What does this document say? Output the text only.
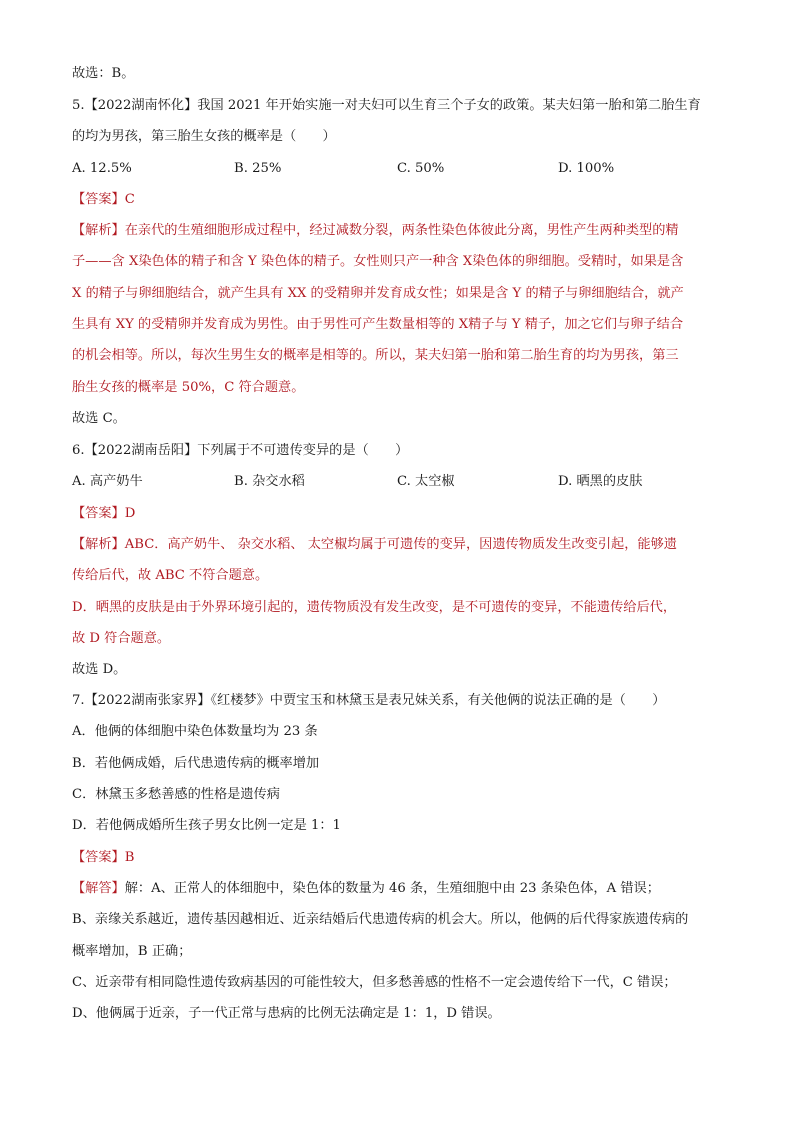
故选：B。
5.【2022湖南怀化】我国 2021 年开始实施一对夫妇可以生育三个子女的政策。某夫妇第一胎和第二胎生育
的均为男孩，第三胎生女孩的概率是（　　）
A. 12.5%	B. 25%	C. 50%	D. 100%
【答案】C
【解析】在亲代的生殖细胞形成过程中，经过减数分裂，两条性染色体彼此分离，男性产生两种类型的精
子——含 X染色体的精子和含 Y 染色体的精子。女性则只产一种含 X染色体的卵细胞。受精时，如果是含
X 的精子与卵细胞结合，就产生具有 XX 的受精卵并发育成女性；如果是含 Y 的精子与卵细胞结合，就产
生具有 XY 的受精卵并发育成为男性。由于男性可产生数量相等的 X精子与 Y 精子，加之它们与卵子结合
的机会相等。所以，每次生男生女的概率是相等的。所以，某夫妇第一胎和第二胎生育的均为男孩，第三
胎生女孩的概率是 50%，C 符合题意。
故选 C。
6.【2022湖南岳阳】下列属于不可遗传变异的是（　　）
A. 高产奶牛	B. 杂交水稻	C. 太空椒	D. 晒黑的皮肤
【答案】D
【解析】ABC．高产奶牛、 杂交水稻、 太空椒均属于可遗传的变异，因遗传物质发生改变引起，能够遗
传给后代，故 ABC 不符合题意。
D．晒黑的皮肤是由于外界环境引起的，遗传物质没有发生改变，是不可遗传的变异，不能遗传给后代，
故 D 符合题意。
故选 D。
7.【2022湖南张家界】《红楼梦》中贾宝玉和林黛玉是表兄妹关系，有关他俩的说法正确的是（　　）
A．他俩的体细胞中染色体数量均为 23 条
B．若他俩成婚，后代患遗传病的概率增加
C．林黛玉多愁善感的性格是遗传病
D．若他俩成婚所生孩子男女比例一定是 1：1
【答案】B
【解答】解：A、正常人的体细胞中，染色体的数量为 46 条，生殖细胞中由 23 条染色体，A 错误；
B、亲缘关系越近，遗传基因越相近、近亲结婚后代患遗传病的机会大。所以，他俩的后代得家族遗传病的
概率增加，B 正确；
C、近亲带有相同隐性遗传致病基因的可能性较大，但多愁善感的性格不一定会遗传给下一代，C 错误；
D、他俩属于近亲，子一代正常与患病的比例无法确定是 1：1，D 错误。
